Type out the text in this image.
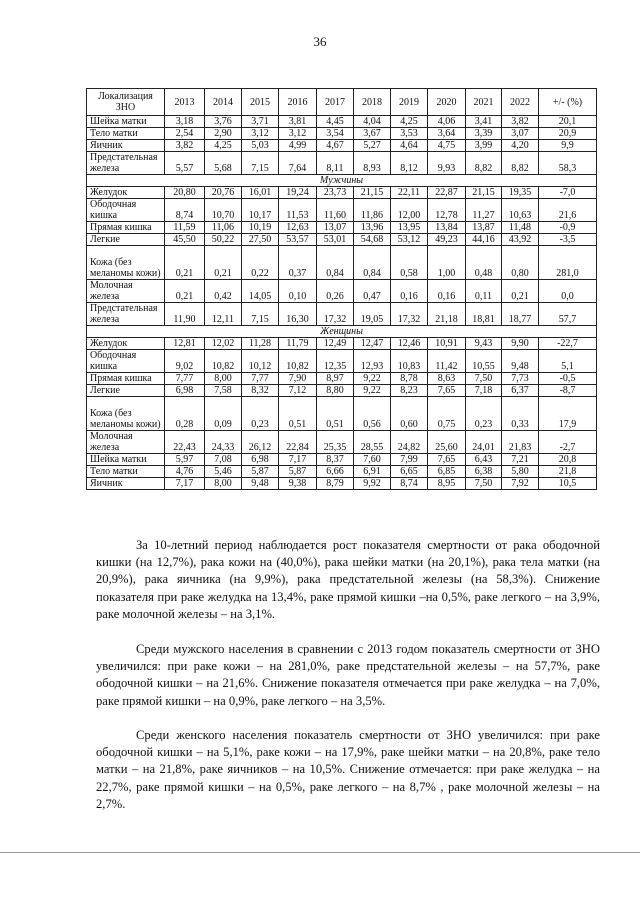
36
Локализация ЗНО	2013	2014	2015	2016	2017	2018	2019	2020	2021	2022	+/- (%)
Шейка матки	3,18	3,76	3,71	3,81	4,45	4,04	4,25	4,06	3,41	3,82	20,1
Тело матки	2,54	2,90	3,12	3,12	3,54	3,67	3,53	3,64	3,39	3,07	20,9
Яичник	3,82	4,25	5,03	4,99	4,67	5,27	4,64	4,75	3,99	4,20	9,9
Предстательная железа	5,57	5,68	7,15	7,64	8,11	8,93	8,12	9,93	8,82	8,82	58,3
Мужчины											
Желудок	20,80	20,76	16,01	19,24	23,73	21,15	22,11	22,87	21,15	19,35	-7,0
Ободочная кишка	8,74	10,70	10,17	11,53	11,60	11,86	12,00	12,78	11,27	10,63	21,6
Прямая кишка	11,59	11,06	10,19	12,63	13,07	13,96	13,95	13,84	13,87	11,48	-0,9
Легкие	45,50	50,22	27,50	53,57	53,01	54,68	53,12	49,23	44,16	43,92	-3,5
Кожа (без меланомы кожи)	0,21	0,21	0,22	0,37	0,84	0,84	0,58	1,00	0,48	0,80	281,0
Молочная железа	0,21	0,42	14,05	0,10	0,26	0,47	0,16	0,16	0,11	0,21	0,0
Предстательная железа	11,90	12,11	7,15	16,30	17,32	19,05	17,32	21,18	18,81	18,77	57,7
Женщины											
Желудок	12,81	12,02	11,28	11,79	12,49	12,47	12,46	10,91	9,43	9,90	-22,7
Ободочная кишка	9,02	10,82	10,12	10,82	12,35	12,93	10,83	11,42	10,55	9,48	5,1
Прямая кишка	7,77	8,00	7,77	7,90	8,97	9,22	8,78	8,63	7,50	7,73	-0,5
Легкие	6,98	7,58	8,32	7,12	8,80	9,22	8,23	7,65	7,18	6,37	-8,7
Кожа (без меланомы кожи)	0,28	0,09	0,23	0,51	0,51	0,56	0,60	0,75	0,23	0,33	17,9
Молочная железа	22,43	24,33	26,12	22,84	25,35	28,55	24,82	25,60	24,01	21,83	-2,7
Шейка матки	5,97	7,08	6,98	7,17	8,37	7,60	7,99	7,65	6,43	7,21	20,8
Тело матки	4,76	5,46	5,87	5,87	6,66	6,91	6,65	6,85	6,38	5,80	21,8
Яичник	7,17	8,00	9,48	9,38	8,79	9,92	8,74	8,95	7,50	7,92	10,5

За 10-летний период наблюдается рост показателя смертности от рака ободочной кишки (на 12,7%), рака кожи на (40,0%), рака шейки матки (на 20,1%), рака тела матки (на 20,9%), рака яичника (на 9,9%), рака предстательной железы (на 58,3%). Снижение показателя при раке желудка на 13,4%, раке прямой кишки –на 0,5%, раке легкого – на 3,9%, раке молочной железы – на 3,1%.

Среди мужского населения в сравнении с 2013 годом показатель смертности от ЗНО увеличился: при раке кожи – на 281,0%, раке предстательной железы – на 57,7%, раке ободочной кишки – на 21,6%. Снижение показателя отмечается при раке желудка – на 7,0%, раке прямой кишки – на 0,9%, раке легкого – на 3,5%.

Среди женского населения показатель смертности от ЗНО увеличился: при раке ободочной кишки – на 5,1%, раке кожи – на 17,9%, раке шейки матки – на 20,8%, раке тело матки – на 21,8%, раке яичников – на 10,5%. Снижение отмечается: при раке желудка – на 22,7%, раке прямой кишки – на 0,5%, раке легкого – на 8,7% , раке молочной железы – на 2,7%.
